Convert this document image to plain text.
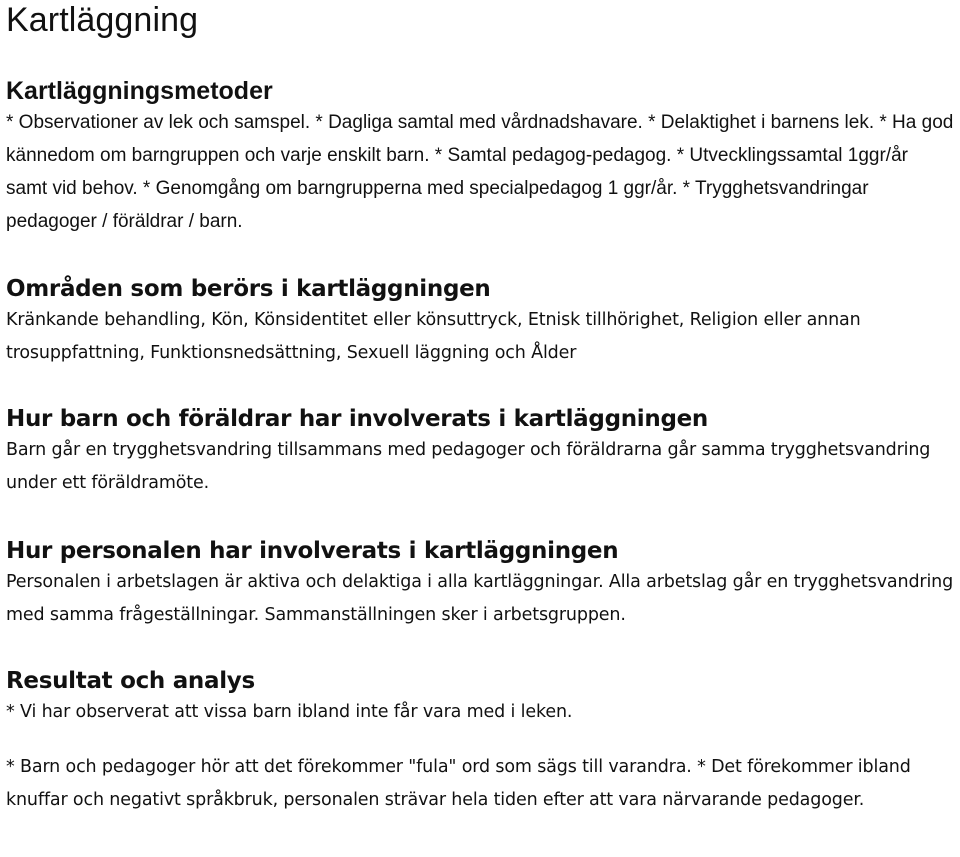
Kartläggning
Kartläggningsmetoder

* Observationer av lek och samspel. * Dagliga samtal med vårdnadshavare. * Delaktighet i barnens lek. * Ha god kännedom om barngruppen och varje enskilt barn. * Samtal pedagog-pedagog. * Utvecklingssamtal 1ggr/år samt vid behov. * Genomgång om barngrupperna med specialpedagog 1 ggr/år. * Trygghetsvandringar pedagoger / föräldrar / barn.

Områden som berörs i kartläggningen

Kränkande behandling, Kön, Könsidentitet eller könsuttryck, Etnisk tillhörighet, Religion eller annan trosuppfattning, Funktionsnedsättning, Sexuell läggning och Ålder

Hur barn och föräldrar har involverats i kartläggningen

Barn går en trygghetsvandring tillsammans med pedagoger och föräldrarna går samma trygghetsvandring under ett föräldramöte.

Hur personalen har involverats i kartläggningen

Personalen i arbetslagen är aktiva och delaktiga i alla kartläggningar. Alla arbetslag går en trygghetsvandring med samma frågeställningar. Sammanställningen sker i arbetsgruppen.

Resultat och analys

* Vi har observerat att vissa barn ibland inte får vara med i leken.

* Barn och pedagoger hör att det förekommer "fula" ord som sägs till varandra. * Det förekommer ibland knuffar och negativt språkbruk, personalen strävar hela tiden efter att vara närvarande pedagoger.
